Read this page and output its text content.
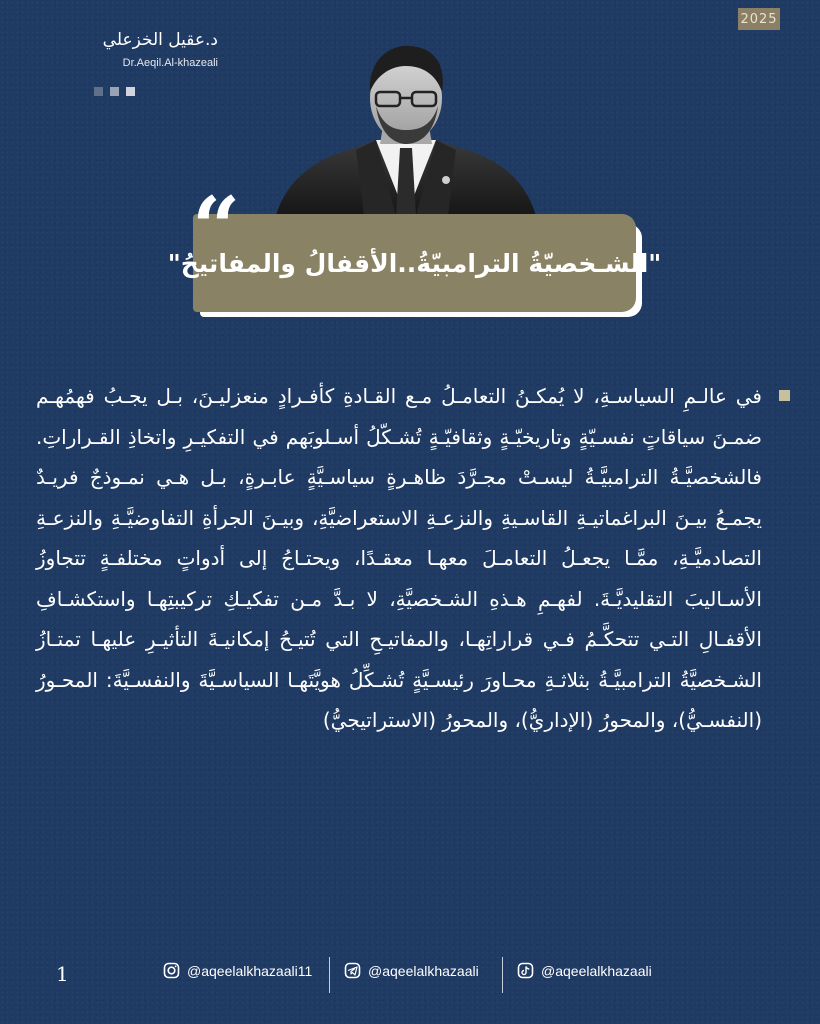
2025
د.عقيل الخزعلي
Dr.Aeqil.Al-khazeali
"الشـخصيّةُ الترامبيّةُ..الأقفالُ والمفاتيحُ"
“
في عالـمِ السياسـةِ، لا يُمكـنُ التعامـلُ مـع القـادةِ كأفـرادٍ منعزليـنَ، بـل يجـبُ فهمُهـم ضمـنَ سياقاتٍ نفسـيّةٍ وتاريخيّـةٍ وثقافيّـةٍ تُشـكّلُ أسـلوبَهم في التفكيـرِ واتخاذِ القـراراتِ. فالشخصيَّـةُ الترامبيَّـةُ ليسـتْ مجـرَّدَ ظاهـرةٍ سياسـيَّةٍ عابـرةٍ، بـل هـي نمـوذجٌ فريـدٌ يجمـعُ بيـنَ البراغماتيـةِ القاسـيةِ والنزعـةِ الاستعراضيَّةِ، وبيـنَ الجرأةِ التفاوضيَّـةِ والنزعـةِ التصادميَّـةِ، ممَّـا يجعـلُ التعامـلَ معهـا معقـدًا، ويحتـاجُ إلى أدواتٍ مختلفـةٍ تتجاوزُ الأسـاليبَ التقليديَّـةَ. لفهـمِ هـذهِ الشـخصيَّةِ، لا بـدَّ مـن تفكيـكِ تركيبتِهـا واستكشـافِ الأقفـالِ التـي تتحكَّـمُ فـي قراراتِهـا، والمفاتيـحِ التي تُتيـحُ إمكانيـةَ التأثيـرِ عليهـا تمتـازُ الشـخصيَّةُ الترامبيَّـةُ بثلاثـةِ محـاورَ رئيسـيَّةٍ تُشـكِّلُ هويَّتَهـا السياسـيَّةَ والنفسـيَّةَ: المحـورُ (النفسـيُّ)، والمحورُ (الإداريُّ)، والمحورُ (الاستراتيجيُّ)
1	@aqeelalkhazaali11	@aqeelalkhazaali	@aqeelalkhazaali
